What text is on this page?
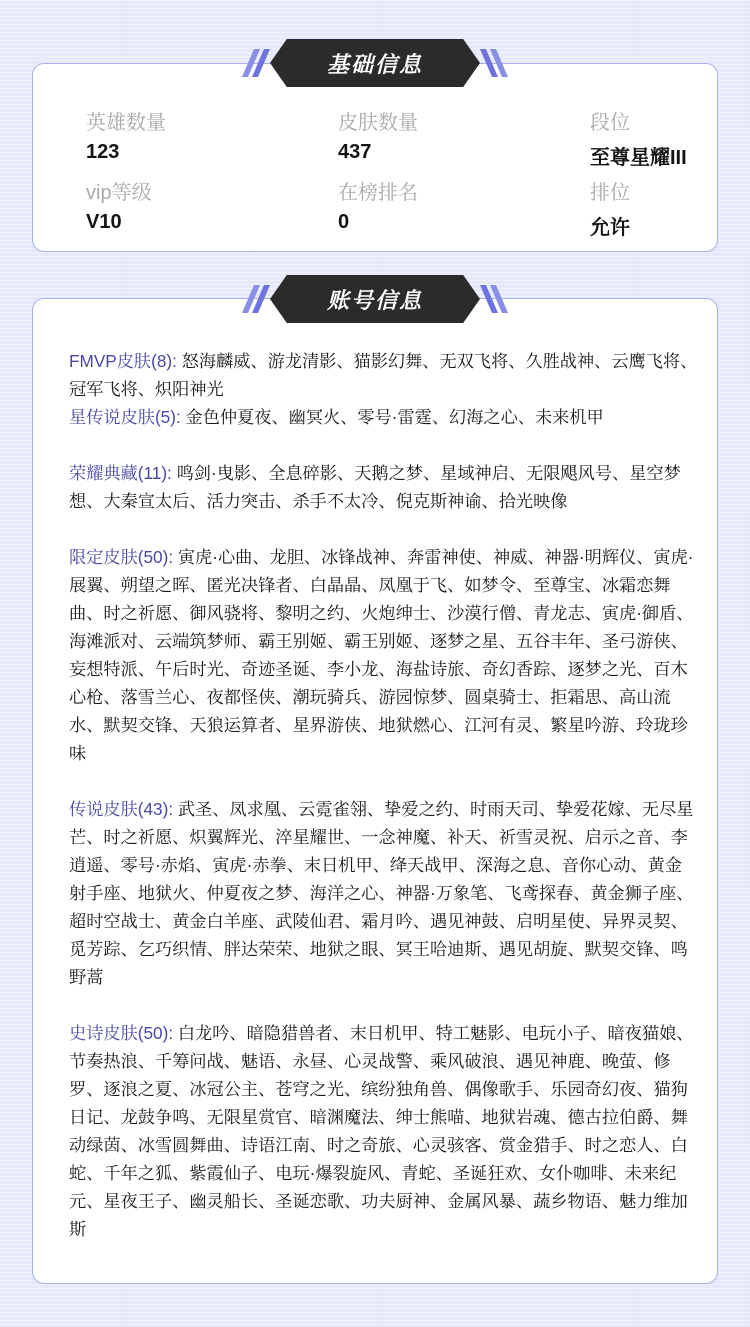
基础信息
英雄数量
123
皮肤数量
437
段位
至尊星耀III
vip等级
V10
在榜排名
0
排位
允许
账号信息
FMVP皮肤(8): 怒海麟威、游龙清影、猫影幻舞、无双飞将、久胜战神、云鹰飞将、冠军飞将、炽阳神光
星传说皮肤(5): 金色仲夏夜、幽冥火、零号·雷霆、幻海之心、未来机甲
荣耀典藏(11): 鸣剑·曳影、全息碎影、天鹅之梦、星域神启、无限飓风号、星空梦想、大秦宣太后、活力突击、杀手不太冷、倪克斯神谕、拾光映像
限定皮肤(50): 寅虎·心曲、龙胆、冰锋战神、奔雷神使、神威、神器·明辉仪、寅虎·展翼、朔望之晖、匿光决锋者、白晶晶、凤凰于飞、如梦令、至尊宝、冰霜恋舞曲、时之祈愿、御风骁将、黎明之约、火炮绅士、沙漠行僧、青龙志、寅虎·御盾、海滩派对、云端筑梦师、霸王别姬、霸王别姬、逐梦之星、五谷丰年、圣弓游侠、妄想特派、午后时光、奇迹圣诞、李小龙、海盐诗旅、奇幻香踪、逐梦之光、百木心枪、落雪兰心、夜都怪侠、潮玩骑兵、游园惊梦、圆桌骑士、拒霜思、高山流水、默契交锋、天狼运算者、星界游侠、地狱燃心、江河有灵、繁星吟游、玲珑珍味
传说皮肤(43): 武圣、凤求凰、云霓雀翎、挚爱之约、时雨天司、挚爱花嫁、无尽星芒、时之祈愿、炽翼辉光、淬星耀世、一念神魔、补天、祈雪灵祝、启示之音、李逍遥、零号·赤焰、寅虎·赤拳、末日机甲、绛天战甲、深海之息、音你心动、黄金射手座、地狱火、仲夏夜之梦、海洋之心、神器·万象笔、飞鸢探春、黄金狮子座、超时空战士、黄金白羊座、武陵仙君、霜月吟、遇见神鼓、启明星使、异界灵契、觅芳踪、乞巧织情、胖达荣荣、地狱之眼、冥王哈迪斯、遇见胡旋、默契交锋、鸣野蒿
史诗皮肤(50): 白龙吟、暗隐猎兽者、末日机甲、特工魅影、电玩小子、暗夜猫娘、节奏热浪、千筹问战、魅语、永昼、心灵战警、乘风破浪、遇见神鹿、晚萤、修罗、逐浪之夏、冰冠公主、苍穹之光、缤纷独角兽、偶像歌手、乐园奇幻夜、猫狗日记、龙鼓争鸣、无限星赏官、暗渊魔法、绅士熊喵、地狱岩魂、德古拉伯爵、舞动绿茵、冰雪圆舞曲、诗语江南、时之奇旅、心灵骇客、赏金猎手、时之恋人、白蛇、千年之狐、紫霞仙子、电玩·爆裂旋风、青蛇、圣诞狂欢、女仆咖啡、未来纪元、星夜王子、幽灵船长、圣诞恋歌、功夫厨神、金属风暴、蔬乡物语、魅力维加斯
